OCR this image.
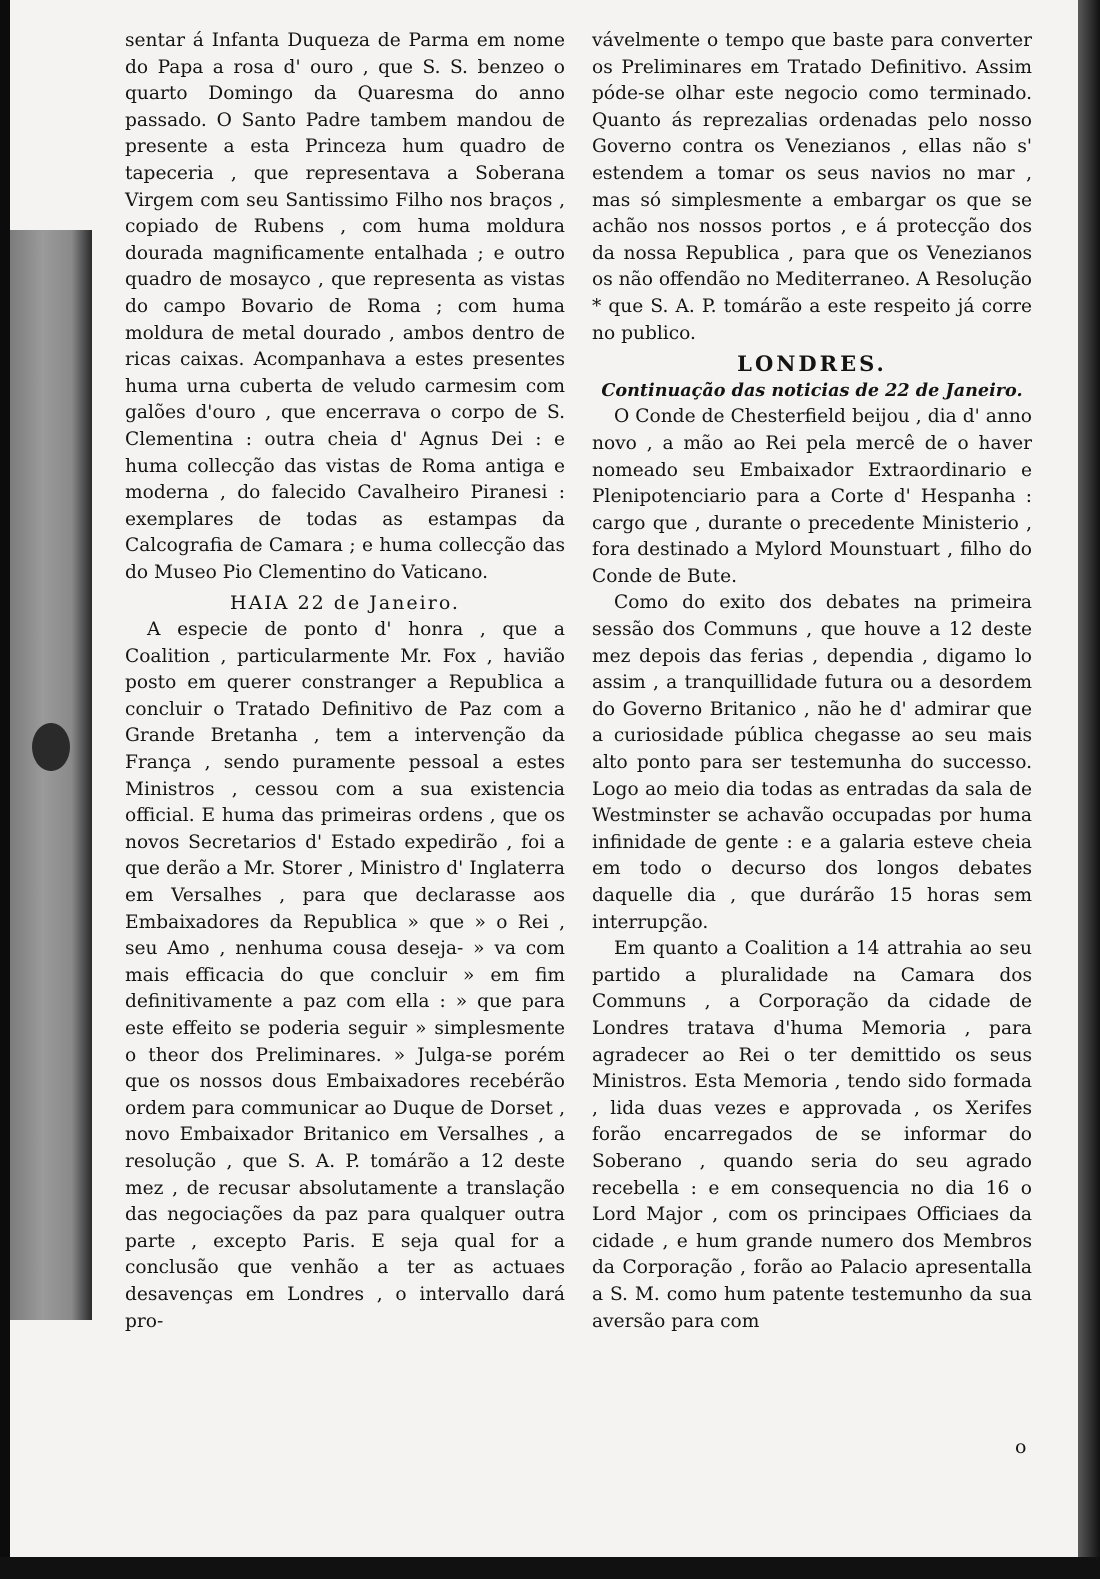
sentar á Infanta Duqueza de Parma em nome do Papa a rosa d' ouro , que S. S. benzeo o quarto Domingo da Quaresma do anno passado. O Santo Padre tambem mandou de presente a esta Princeza hum quadro de tapeceria , que representava a Soberana Virgem com seu Santissimo Filho nos braços , copiado de Rubens , com huma moldura dourada magnificamente entalhada ; e outro quadro de mosayco , que representa as vistas do campo Bovario de Roma ; com huma moldura de metal dourado , ambos dentro de ricas caixas. Acompanhava a estes presentes huma urna cuberta de veludo carmesim com galões d'ouro , que encerrava o corpo de S. Clementina : outra cheia d' Agnus Dei : e huma collecção das vistas de Roma antiga e moderna , do falecido Cavalheiro Piranesi : exemplares de todas as estampas da Calcografia de Camara ; e huma collecção das do Museo Pio Clementino do Vaticano.

HAIA 22 de Janeiro.

A especie de ponto d' honra , que a Coalition , particularmente Mr. Fox , havião posto em querer constranger a Republica a concluir o Tratado Definitivo de Paz com a Grande Bretanha , tem a intervenção da França , sendo puramente pessoal a estes Ministros , cessou com a sua existencia official. E huma das primeiras ordens , que os novos Secretarios d' Estado expedirão , foi a que derão a Mr. Storer , Ministro d' Inglaterra em Versalhes , para que declarasse aos Embaixadores da Republica » que » o Rei , seu Amo , nenhuma cousa deseja- » va com mais efficacia do que concluir » em fim definitivamente a paz com ella : » que para este effeito se poderia seguir » simplesmente o theor dos Preliminares. » Julga-se porém que os nossos dous Embaixadores recebérão ordem para communicar ao Duque de Dorset , novo Embaixador Britanico em Versalhes , a resolução , que S. A. P. tomárão a 12 deste mez , de recusar absolutamente a translação das negociações da paz para qualquer outra parte , excepto Paris. E seja qual for a conclusão que venhão a ter as actuaes desavenças em Londres , o intervallo dará pro-

vávelmente o tempo que baste para converter os Preliminares em Tratado Definitivo. Assim póde-se olhar este negocio como terminado. Quanto ás reprezalias ordenadas pelo nosso Governo contra os Venezianos , ellas não s' estendem a tomar os seus navios no mar , mas só simplesmente a embargar os que se achão nos nossos portos , e á protecção dos da nossa Republica , para que os Venezianos os não offendão no Mediterraneo. A Resolução * que S. A. P. tomárão a este respeito já corre no publico.

LONDRES.

Continuação das noticias de 22 de Janeiro.

O Conde de Chesterfield beijou , dia d' anno novo , a mão ao Rei pela mercê de o haver nomeado seu Embaixador Extraordinario e Plenipotenciario para a Corte d' Hespanha : cargo que , durante o precedente Ministerio , fora destinado a Mylord Mounstuart , filho do Conde de Bute.

Como do exito dos debates na primeira sessão dos Communs , que houve a 12 deste mez depois das ferias , dependia , digamo lo assim , a tranquillidade futura ou a desordem do Governo Britanico , não he d' admirar que a curiosidade pública chegasse ao seu mais alto ponto para ser testemunha do successo. Logo ao meio dia todas as entradas da sala de Westminster se achavão occupadas por huma infinidade de gente : e a galaria esteve cheia em todo o decurso dos longos debates daquelle dia , que durárão 15 horas sem interrupção.

Em quanto a Coalition a 14 attrahia ao seu partido a pluralidade na Camara dos Communs , a Corporação da cidade de Londres tratava d'huma Memoria , para agradecer ao Rei o ter demittido os seus Ministros. Esta Memoria , tendo sido formada , lida duas vezes e approvada , os Xerifes forão encarregados de se informar do Soberano , quando seria do seu agrado recebella : e em consequencia no dia 16 o Lord Major , com os principaes Officiaes da cidade , e hum grande numero dos Membros da Corporação , forão ao Palacio apresentalla a S. M. como hum patente testemunho da sua aversão para com

o
